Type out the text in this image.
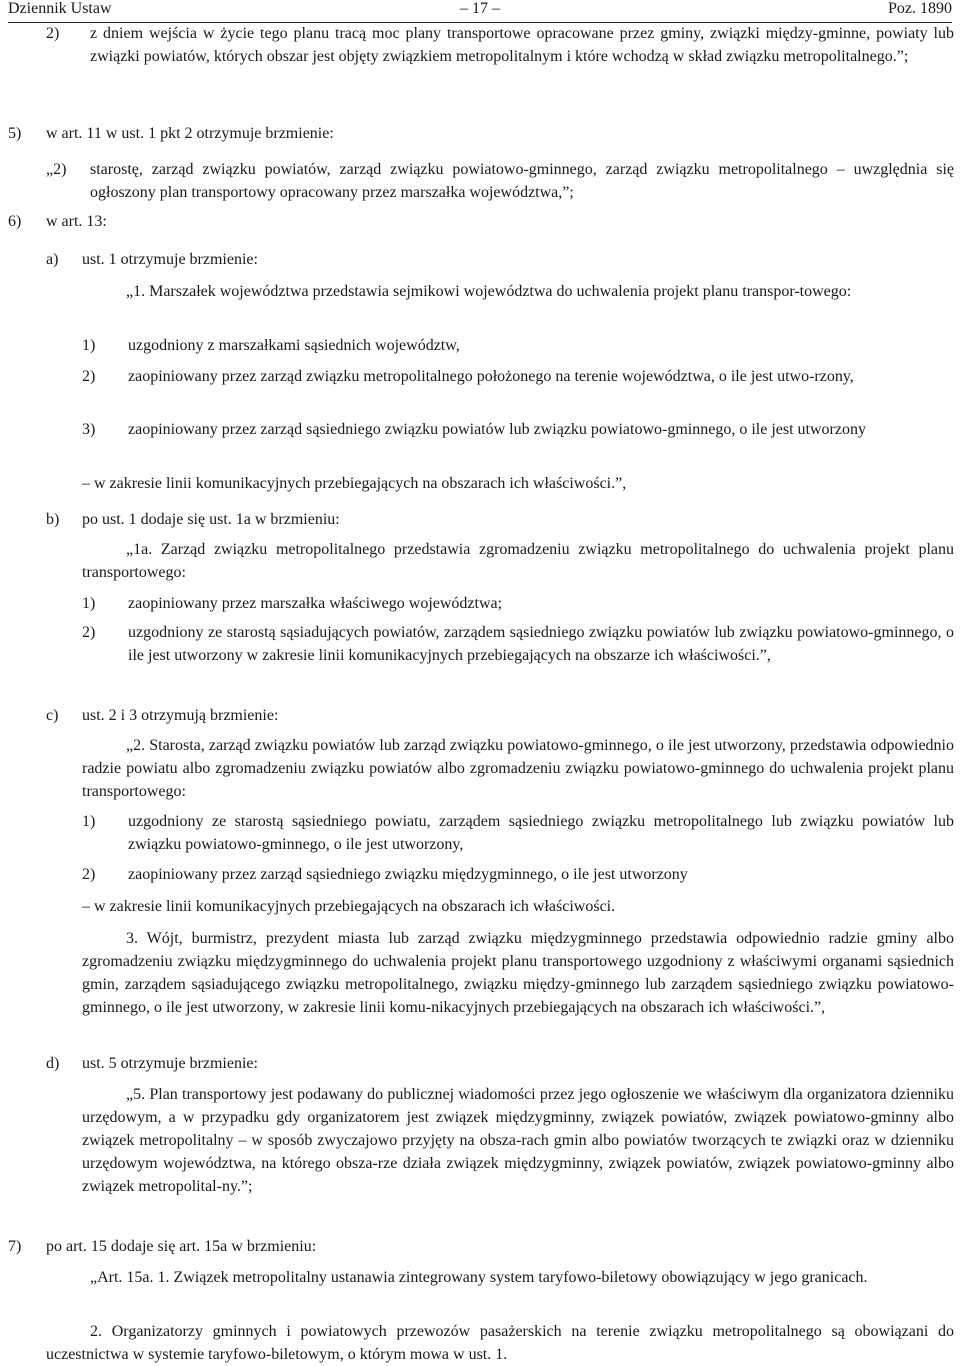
Dziennik Ustaw	– 17 –	Poz. 1890
2) z dniem wejścia w życie tego planu tracą moc plany transportowe opracowane przez gminy, związki między-gminne, powiaty lub związki powiatów, których obszar jest objęty związkiem metropolitalnym i które wchodzą w skład związku metropolitalnego.”;
5) w art. 11 w ust. 1 pkt 2 otrzymuje brzmienie:
„2) starostę, zarząd związku powiatów, zarząd związku powiatowo-gminnego, zarząd związku metropolitalnego – uwzględnia się ogłoszony plan transportowy opracowany przez marszałka województwa,”;
6) w art. 13:
a) ust. 1 otrzymuje brzmienie:
„1. Marszałek województwa przedstawia sejmikowi województwa do uchwalenia projekt planu transpor-towego:
1) uzgodniony z marszałkami sąsiednich województw,
2) zaopiniowany przez zarząd związku metropolitalnego położonego na terenie województwa, o ile jest utwo-rzony,
3) zaopiniowany przez zarząd sąsiedniego związku powiatów lub związku powiatowo-gminnego, o ile jest utworzony
– w zakresie linii komunikacyjnych przebiegających na obszarach ich właściwości.”,
b) po ust. 1 dodaje się ust. 1a w brzmieniu:
„1a. Zarząd związku metropolitalnego przedstawia zgromadzeniu związku metropolitalnego do uchwalenia projekt planu transportowego:
1) zaopiniowany przez marszałka właściwego województwa;
2) uzgodniony ze starostą sąsiadujących powiatów, zarządem sąsiedniego związku powiatów lub związku powiatowo-gminnego, o ile jest utworzony w zakresie linii komunikacyjnych przebiegających na obszarze ich właściwości.”,
c) ust. 2 i 3 otrzymują brzmienie:
„2. Starosta, zarząd związku powiatów lub zarząd związku powiatowo-gminnego, o ile jest utworzony, przedstawia odpowiednio radzie powiatu albo zgromadzeniu związku powiatów albo zgromadzeniu związku powiatowo-gminnego do uchwalenia projekt planu transportowego:
1) uzgodniony ze starostą sąsiedniego powiatu, zarządem sąsiedniego związku metropolitalnego lub związku powiatów lub związku powiatowo-gminnego, o ile jest utworzony,
2) zaopiniowany przez zarząd sąsiedniego związku międzygminnego, o ile jest utworzony
– w zakresie linii komunikacyjnych przebiegających na obszarach ich właściwości.
3. Wójt, burmistrz, prezydent miasta lub zarząd związku międzygminnego przedstawia odpowiednio radzie gminy albo zgromadzeniu związku międzygminnego do uchwalenia projekt planu transportowego uzgodniony z właściwymi organami sąsiednich gmin, zarządem sąsiadującego związku metropolitalnego, związku między-gminnego lub zarządem sąsiedniego związku powiatowo-gminnego, o ile jest utworzony, w zakresie linii komu-nikacyjnych przebiegających na obszarach ich właściwości.”,
d) ust. 5 otrzymuje brzmienie:
„5. Plan transportowy jest podawany do publicznej wiadomości przez jego ogłoszenie we właściwym dla organizatora dzienniku urzędowym, a w przypadku gdy organizatorem jest związek międzygminny, związek powiatów, związek powiatowo-gminny albo związek metropolitalny – w sposób zwyczajowo przyjęty na obsza-rach gmin albo powiatów tworzących te związki oraz w dzienniku urzędowym województwa, na którego obsza-rze działa związek międzygminny, związek powiatów, związek powiatowo-gminny albo związek metropolital-ny.”;
7) po art. 15 dodaje się art. 15a w brzmieniu:
„Art. 15a. 1. Związek metropolitalny ustanawia zintegrowany system taryfowo-biletowy obowiązujący w jego granicach.
2. Organizatorzy gminnych i powiatowych przewozów pasażerskich na terenie związku metropolitalnego są obowiązani do uczestnictwa w systemie taryfowo-biletowym, o którym mowa w ust. 1.
